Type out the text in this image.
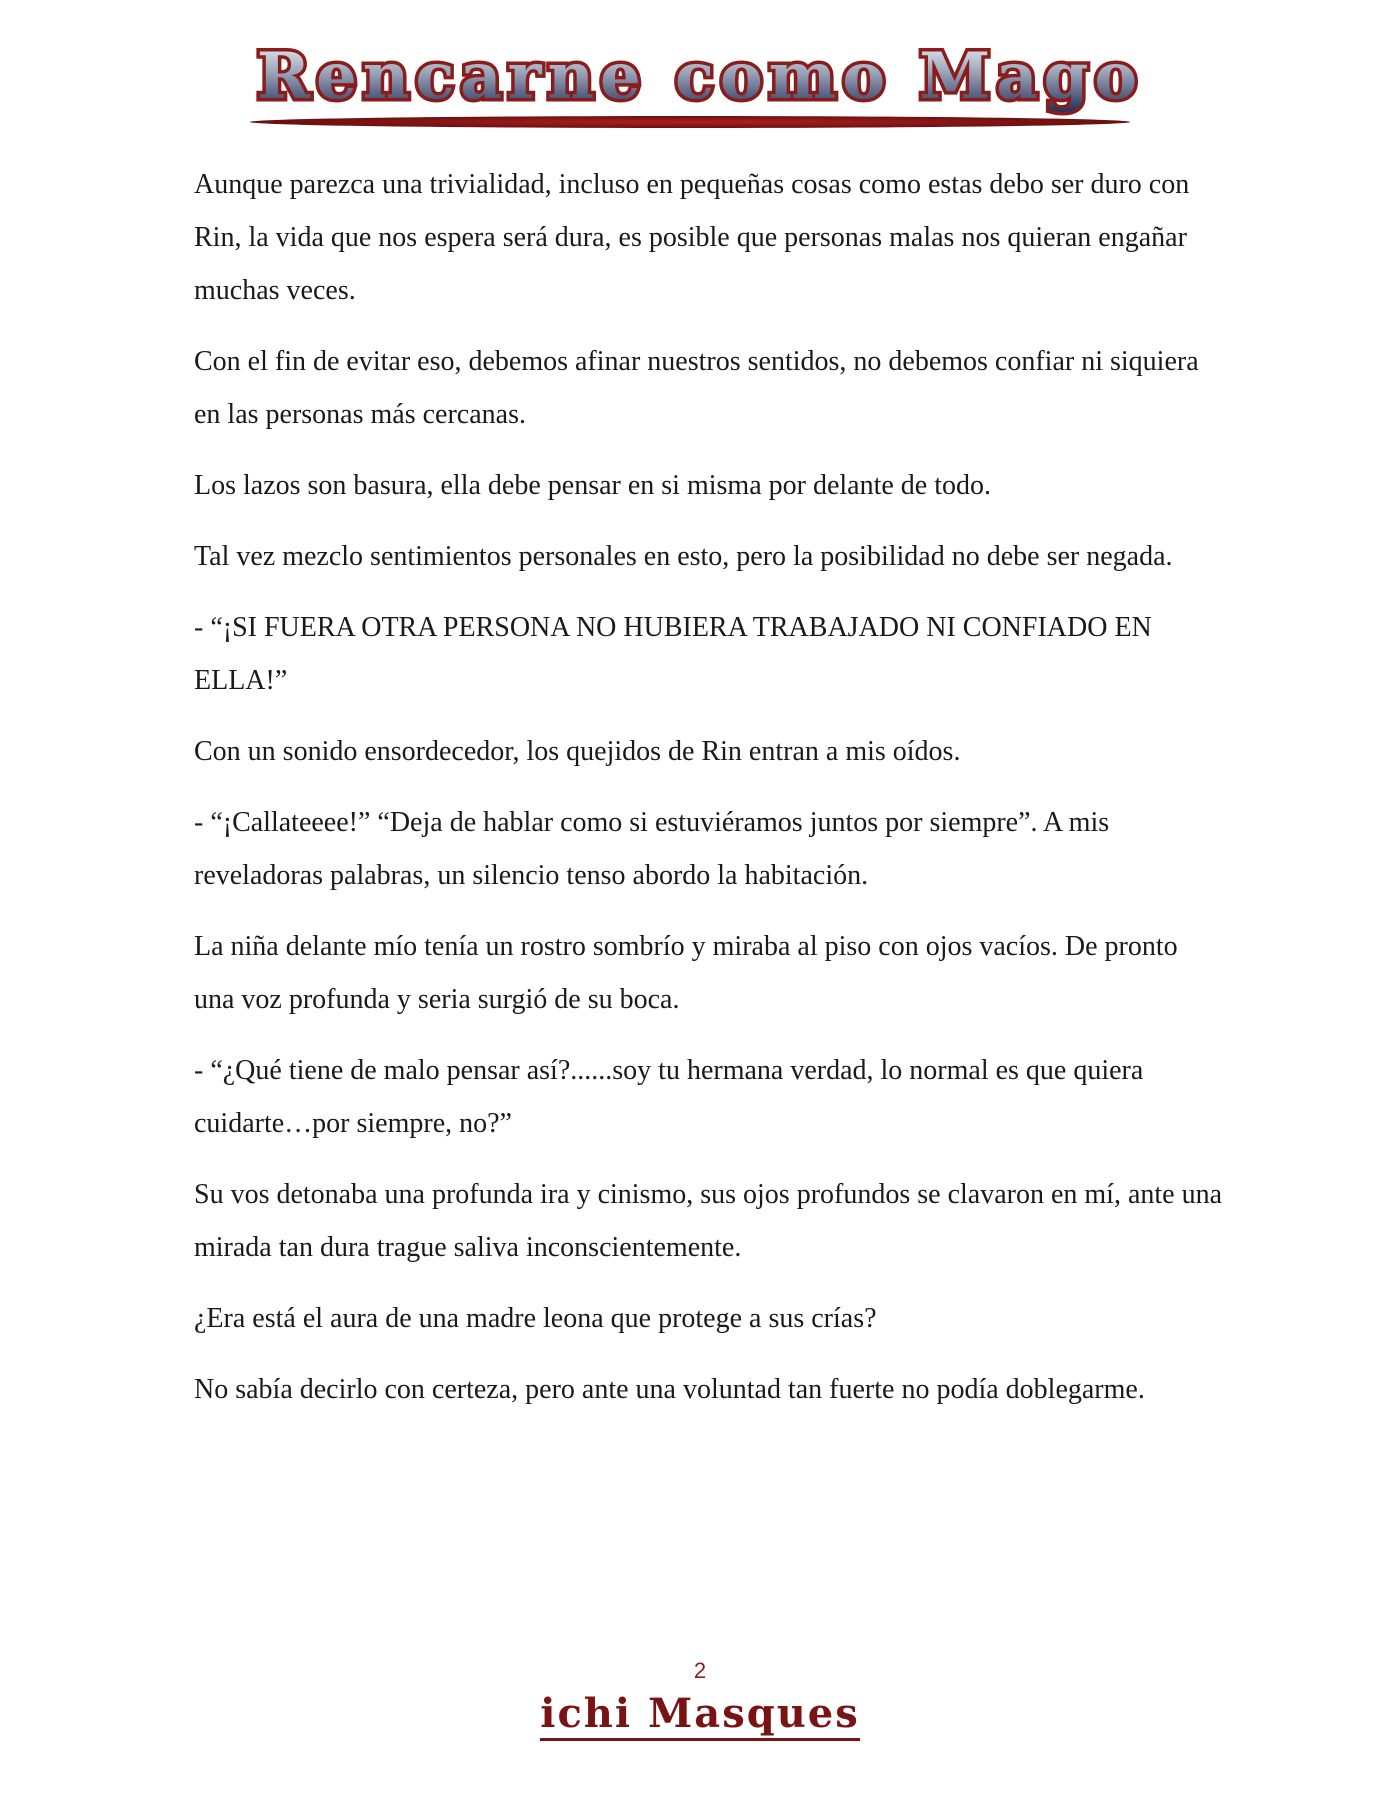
Rencarne como Mago

Aunque parezca una trivialidad, incluso en pequeñas cosas como estas debo ser duro con Rin, la vida que nos espera será dura, es posible que personas malas nos quieran engañar muchas veces.

Con el fin de evitar eso, debemos afinar nuestros sentidos, no debemos confiar ni siquiera en las personas más cercanas.

Los lazos son basura, ella debe pensar en si misma por delante de todo.

Tal vez mezclo sentimientos personales en esto, pero la posibilidad no debe ser negada.

- “¡SI FUERA OTRA PERSONA NO HUBIERA TRABAJADO NI CONFIADO EN ELLA!”

Con un sonido ensordecedor, los quejidos de Rin entran a mis oídos.

- “¡Callateeee!” “Deja de hablar como si estuviéramos juntos por siempre”. A mis reveladoras palabras, un silencio tenso abordo la habitación.

La niña delante mío tenía un rostro sombrío y miraba al piso con ojos vacíos. De pronto una voz profunda y seria surgió de su boca.

- “¿Qué tiene de malo pensar así?......soy tu hermana verdad, lo normal es que quiera cuidarte…por siempre, no?”

Su vos detonaba una profunda ira y cinismo, sus ojos profundos se clavaron en mí, ante una mirada tan dura trague saliva inconscientemente.

¿Era está el aura de una madre leona que protege a sus crías?

No sabía decirlo con certeza, pero ante una voluntad tan fuerte no podía doblegarme.

2
ichi Masques
